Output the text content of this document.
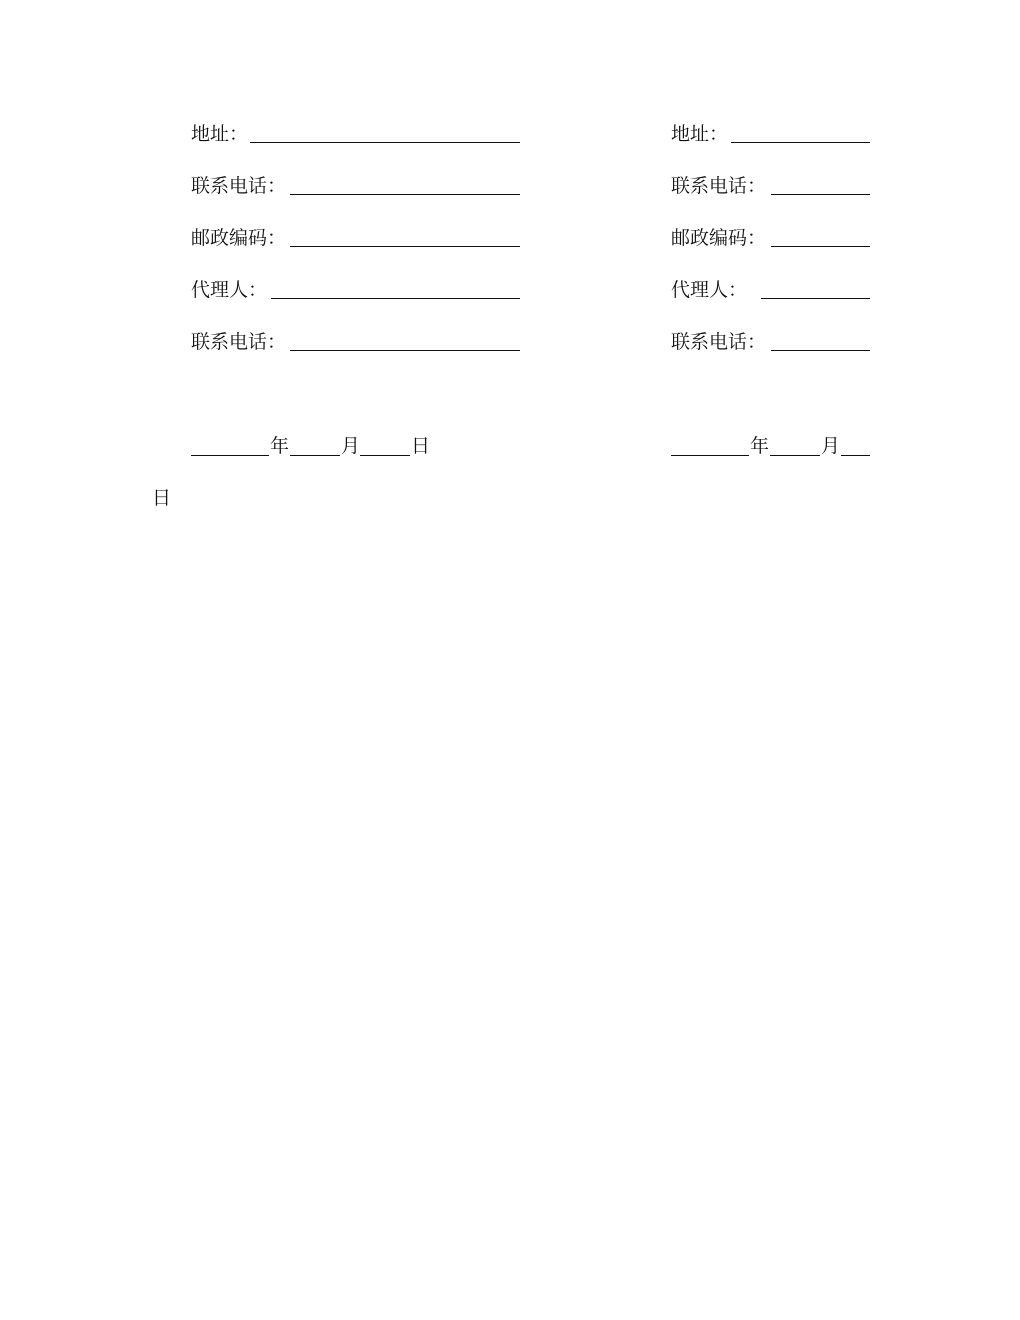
地址：
联系电话：
邮政编码：
代理人：
联系电话：
年	月	日
地址：
联系电话：
邮政编码：
代理人：
联系电话：
年	月
日
